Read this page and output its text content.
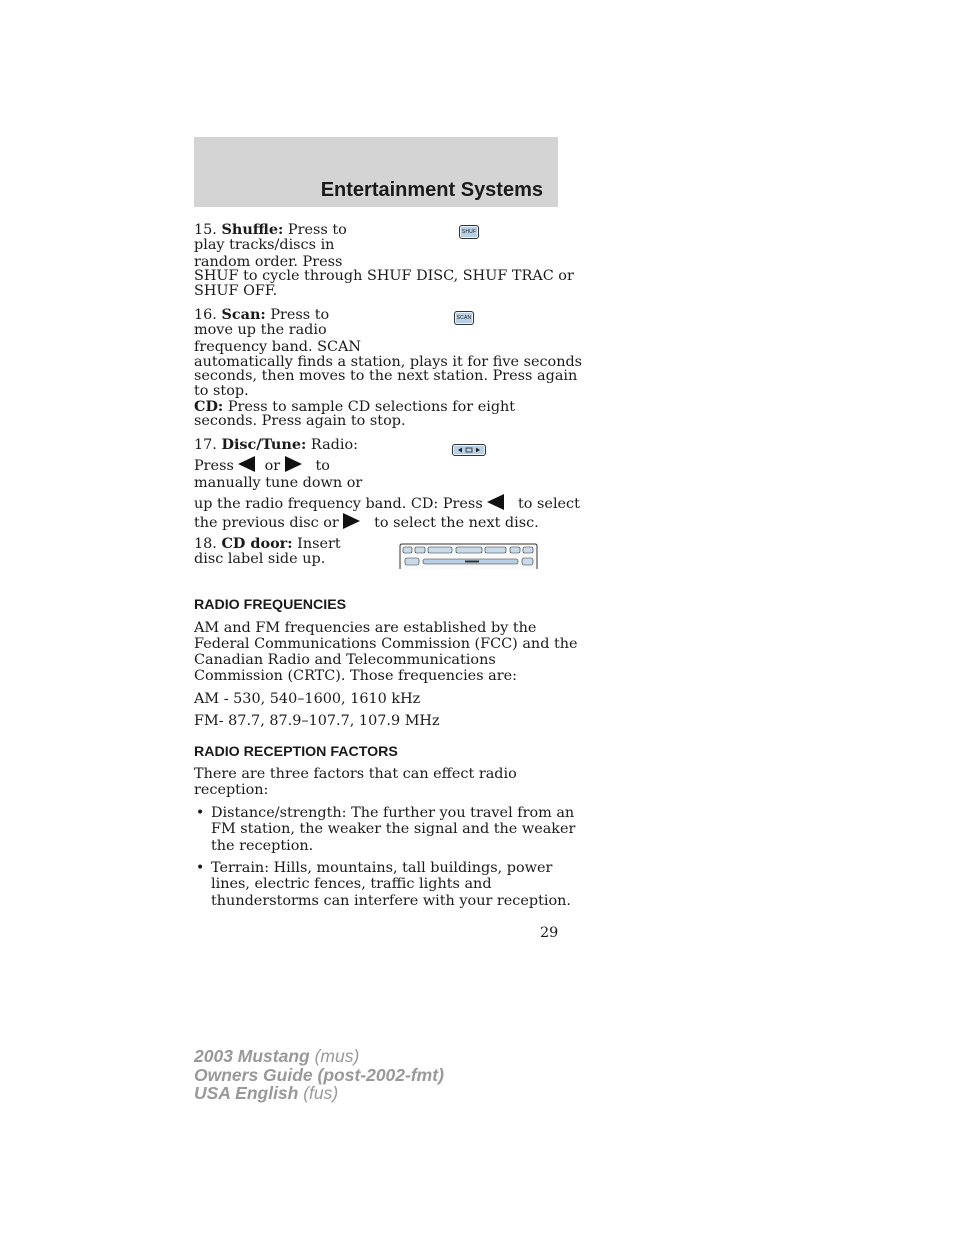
Entertainment Systems
15. Shuffle: Press to
play tracks/discs in
random order. Press
SHUF to cycle through SHUF DISC, SHUF TRAC or
SHUF OFF.
SHUF
16. Scan: Press to
move up the radio
frequency band. SCAN
automatically finds a station, plays it for five seconds
seconds, then moves to the next station. Press again
to stop.
CD: Press to sample CD selections for eight
seconds. Press again to stop.
SCAN
17. Disc/Tune: Radio:
Press or to
manually tune down or
up the radio frequency band. CD: Press to select
the previous disc or to select the next disc.
18. CD door: Insert
disc label side up.
RADIO FREQUENCIES
AM and FM frequencies are established by the
Federal Communications Commission (FCC) and the
Canadian Radio and Telecommunications
Commission (CRTC). Those frequencies are:
AM - 530, 540–1600, 1610 kHz
FM- 87.7, 87.9–107.7, 107.9 MHz
RADIO RECEPTION FACTORS
There are three factors that can effect radio
reception:
• Distance/strength: The further you travel from an
FM station, the weaker the signal and the weaker
the reception.
• Terrain: Hills, mountains, tall buildings, power
lines, electric fences, traffic lights and
thunderstorms can interfere with your reception.
29
2003 Mustang (mus)
Owners Guide (post-2002-fmt)
USA English (fus)
